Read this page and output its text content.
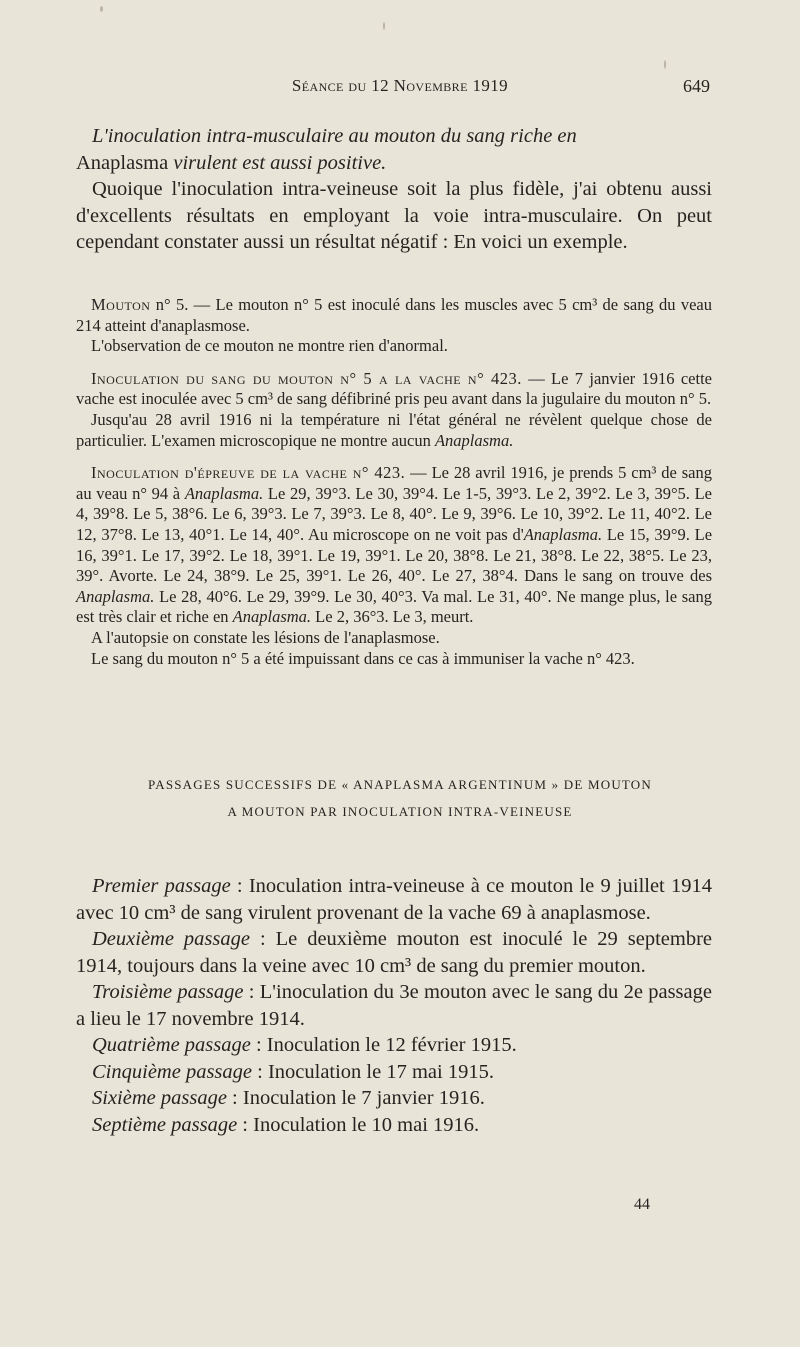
Séance du 12 Novembre 1919	649

L'inoculation intra-musculaire au mouton du sang riche en

Anaplasma virulent est aussi positive.

Quoique l'inoculation intra-veineuse soit la plus fidèle, j'ai obtenu aussi d'excellents résultats en employant la voie intra-musculaire. On peut cependant constater aussi un résultat négatif : En voici un exemple.

Mouton n° 5. — Le mouton n° 5 est inoculé dans les muscles avec 5 cm³ de sang du veau 214 atteint d'anaplasmose.

L'observation de ce mouton ne montre rien d'anormal.

Inoculation du sang du mouton n° 5 a la vache n° 423. — Le 7 janvier 1916 cette vache est inoculée avec 5 cm³ de sang défibriné pris peu avant dans la jugulaire du mouton n° 5.

Jusqu'au 28 avril 1916 ni la température ni l'état général ne révèlent quelque chose de particulier. L'examen microscopique ne montre aucun Anaplasma.

Inoculation d'épreuve de la vache n° 423. — Le 28 avril 1916, je prends 5 cm³ de sang au veau n° 94 à Anaplasma. Le 29, 39°3. Le 30, 39°4. Le 1-5, 39°3. Le 2, 39°2. Le 3, 39°5. Le 4, 39°8. Le 5, 38°6. Le 6, 39°3. Le 7, 39°3. Le 8, 40°. Le 9, 39°6. Le 10, 39°2. Le 11, 40°2. Le 12, 37°8. Le 13, 40°1. Le 14, 40°. Au microscope on ne voit pas d'Anaplasma. Le 15, 39°9. Le 16, 39°1. Le 17, 39°2. Le 18, 39°1. Le 19, 39°1. Le 20, 38°8. Le 21, 38°8. Le 22, 38°5. Le 23, 39°. Avorte. Le 24, 38°9. Le 25, 39°1. Le 26, 40°. Le 27, 38°4. Dans le sang on trouve des Anaplasma. Le 28, 40°6. Le 29, 39°9. Le 30, 40°3. Va mal. Le 31, 40°. Ne mange plus, le sang est très clair et riche en Anaplasma. Le 2, 36°3. Le 3, meurt.

A l'autopsie on constate les lésions de l'anaplasmose.

Le sang du mouton n° 5 a été impuissant dans ce cas à immuniser la vache n° 423.

PASSAGES SUCCESSIFS DE « ANAPLASMA ARGENTINUM » DE MOUTON
A MOUTON PAR INOCULATION INTRA-VEINEUSE

Premier passage : Inoculation intra-veineuse à ce mouton le 9 juillet 1914 avec 10 cm³ de sang virulent provenant de la vache 69 à anaplasmose.

Deuxième passage : Le deuxième mouton est inoculé le 29 septembre 1914, toujours dans la veine avec 10 cm³ de sang du premier mouton.

Troisième passage : L'inoculation du 3e mouton avec le sang du 2e passage a lieu le 17 novembre 1914.

Quatrième passage : Inoculation le 12 février 1915.

Cinquième passage : Inoculation le 17 mai 1915.

Sixième passage : Inoculation le 7 janvier 1916.

Septième passage : Inoculation le 10 mai 1916.

44
